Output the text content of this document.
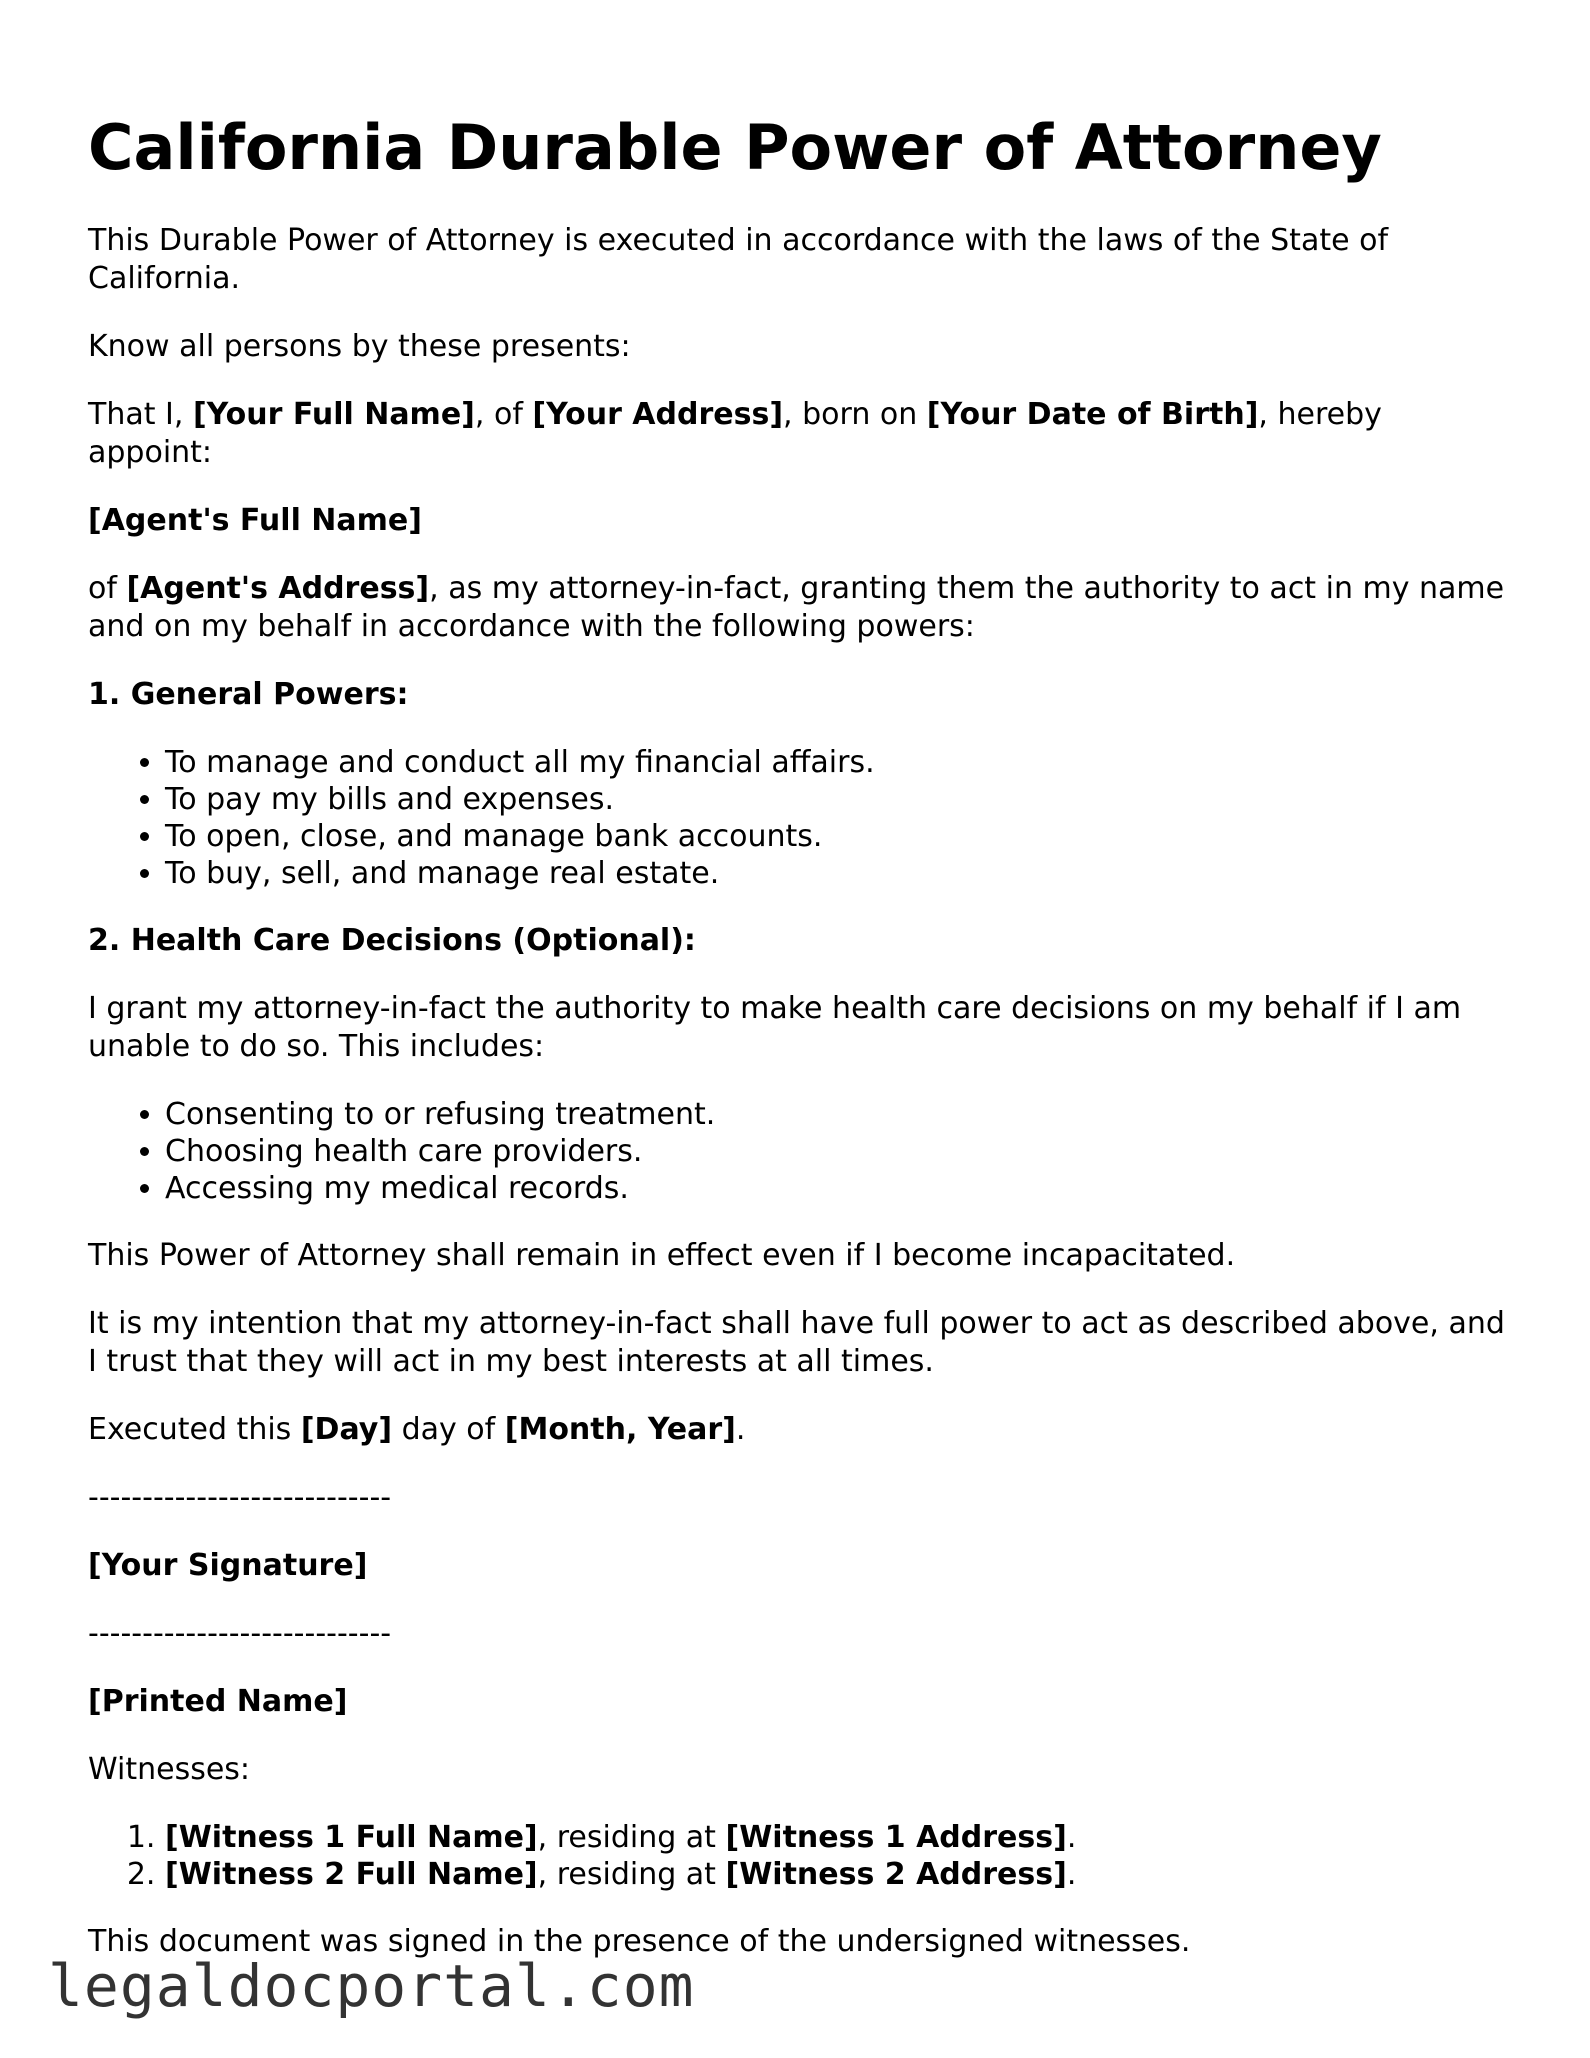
California Durable Power of Attorney

This Durable Power of Attorney is executed in accordance with the laws of the State of California.

Know all persons by these presents:

That I, [Your Full Name], of [Your Address], born on [Your Date of Birth], hereby appoint:

[Agent's Full Name]

of [Agent's Address], as my attorney-in-fact, granting them the authority to act in my name and on my behalf in accordance with the following powers:

1. General Powers:

• To manage and conduct all my financial affairs.
• To pay my bills and expenses.
• To open, close, and manage bank accounts.
• To buy, sell, and manage real estate.

2. Health Care Decisions (Optional):

I grant my attorney-in-fact the authority to make health care decisions on my behalf if I am unable to do so. This includes:

• Consenting to or refusing treatment.
• Choosing health care providers.
• Accessing my medical records.

This Power of Attorney shall remain in effect even if I become incapacitated.

It is my intention that my attorney-in-fact shall have full power to act as described above, and I trust that they will act in my best interests at all times.

Executed this [Day] day of [Month, Year].

----------------------------

[Your Signature]

----------------------------

[Printed Name]

Witnesses:

1. [Witness 1 Full Name], residing at [Witness 1 Address].
2. [Witness 2 Full Name], residing at [Witness 2 Address].

This document was signed in the presence of the undersigned witnesses.

legaldocportal.com
